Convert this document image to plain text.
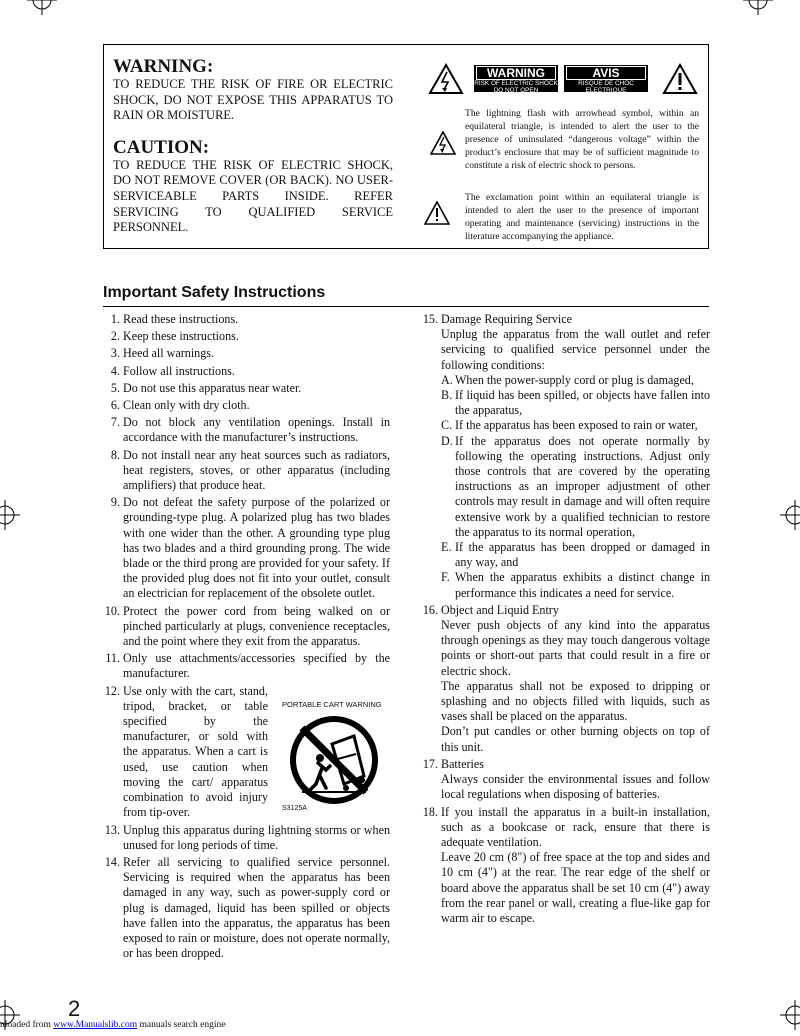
WARNING:
TO REDUCE THE RISK OF FIRE OR ELECTRIC SHOCK, DO NOT EXPOSE THIS APPARATUS TO RAIN OR MOISTURE.
CAUTION:
TO REDUCE THE RISK OF ELECTRIC SHOCK, DO NOT REMOVE COVER (OR BACK). NO USER-SERVICEABLE PARTS INSIDE. REFER SERVICING TO QUALIFIED SERVICE PERSONNEL.
WARNING
RISK OF ELECTRIC SHOCK
DO NOT OPEN
AVIS
RISQUE DE CHOC ELECTRIQUE
NE PAS OUVRIR
The lightning flash with arrowhead symbol, within an equilateral triangle, is intended to alert the user to the presence of uninsulated “dangerous voltage” within the product’s enclosure that may be of sufficient magnitude to constitute a risk of electric shock to persons.
The exclamation point within an equilateral triangle is intended to alert the user to the presence of important operating and maintenance (servicing) instructions in the literature accompanying the appliance.
Important Safety Instructions
1. Read these instructions.
2. Keep these instructions.
3. Heed all warnings.
4. Follow all instructions.
5. Do not use this apparatus near water.
6. Clean only with dry cloth.
7. Do not block any ventilation openings. Install in accordance with the manufacturer’s instructions.
8. Do not install near any heat sources such as radiators, heat registers, stoves, or other apparatus (including amplifiers) that produce heat.
9. Do not defeat the safety purpose of the polarized or grounding-type plug. A polarized plug has two blades with one wider than the other. A grounding type plug has two blades and a third grounding prong. The wide blade or the third prong are provided for your safety. If the provided plug does not fit into your outlet, consult an electrician for replacement of the obsolete outlet.
10. Protect the power cord from being walked on or pinched particularly at plugs, convenience receptacles, and the point where they exit from the apparatus.
11. Only use attachments/accessories specified by the manufacturer.
12. Use only with the cart, stand, tripod, bracket, or table specified by the manufacturer, or sold with the apparatus. When a cart is used, use caution when moving the cart/ apparatus combination to avoid injury from tip-over.
13. Unplug this apparatus during lightning storms or when unused for long periods of time.
14. Refer all servicing to qualified service personnel. Servicing is required when the apparatus has been damaged in any way, such as power-supply cord or plug is damaged, liquid has been spilled or objects have fallen into the apparatus, the apparatus has been exposed to rain or moisture, does not operate normally, or has been dropped.
PORTABLE CART WARNING
S3125A
15. Damage Requiring Service
Unplug the apparatus from the wall outlet and refer servicing to qualified service personnel under the following conditions:
A. When the power-supply cord or plug is damaged,
B. If liquid has been spilled, or objects have fallen into the apparatus,
C. If the apparatus has been exposed to rain or water,
D. If the apparatus does not operate normally by following the operating instructions. Adjust only those controls that are covered by the operating instructions as an improper adjustment of other controls may result in damage and will often require extensive work by a qualified technician to restore the apparatus to its normal operation,
E. If the apparatus has been dropped or damaged in any way, and
F. When the apparatus exhibits a distinct change in performance this indicates a need for service.
16. Object and Liquid Entry
Never push objects of any kind into the apparatus through openings as they may touch dangerous voltage points or short-out parts that could result in a fire or electric shock.
The apparatus shall not be exposed to dripping or splashing and no objects filled with liquids, such as vases shall be placed on the apparatus.
Don’t put candles or other burning objects on top of this unit.
17. Batteries
Always consider the environmental issues and follow local regulations when disposing of batteries.
18. If you install the apparatus in a built-in installation, such as a bookcase or rack, ensure that there is adequate ventilation.
Leave 20 cm (8") of free space at the top and sides and 10 cm (4") at the rear. The rear edge of the shelf or board above the apparatus shall be set 10 cm (4") away from the rear panel or wall, creating a flue-like gap for warm air to escape.
2
nloaded from www.Manualslib.com manuals search engine
